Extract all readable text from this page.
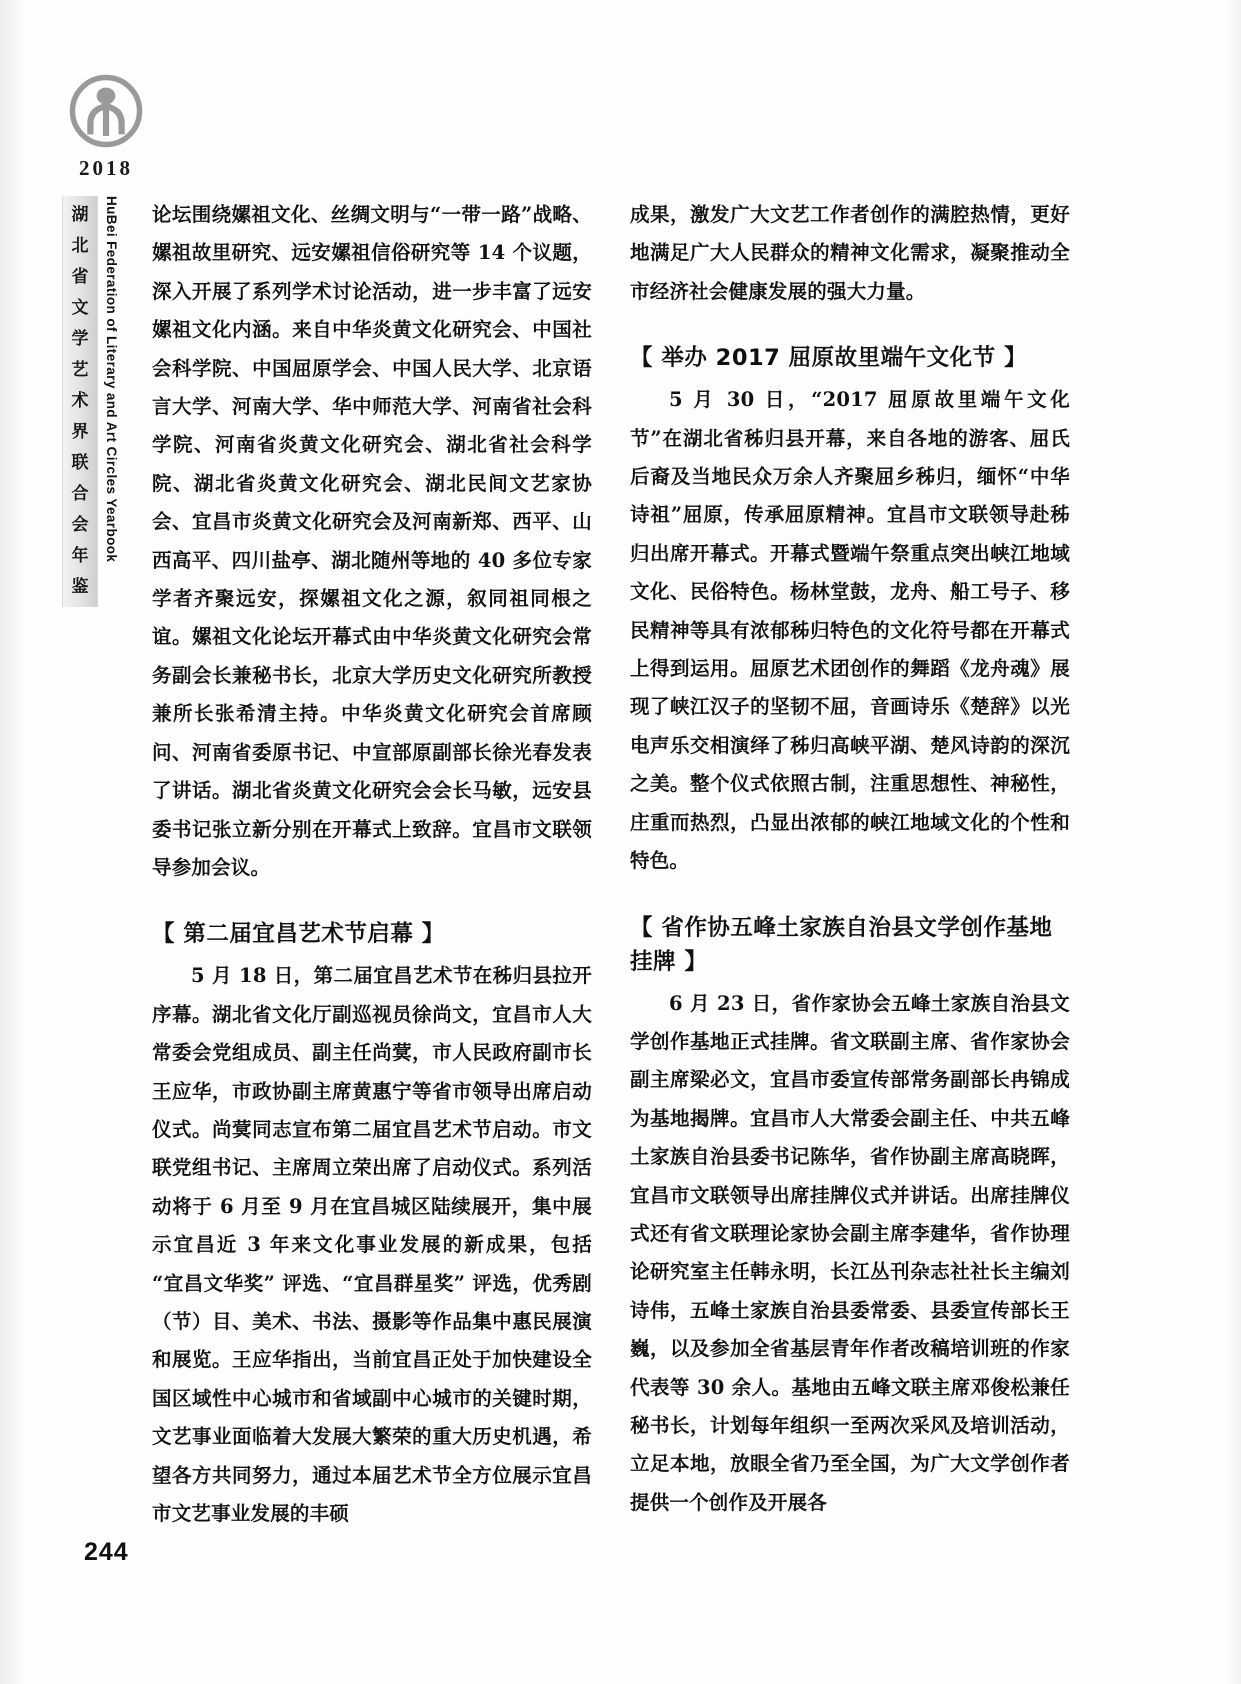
2018
湖
北
省
文
学
艺
术
界
联
合
会
年
鉴
HuBei Federation of Literary and Art Circles Yearbook 论坛围绕嫘祖文化、丝绸文明与“一带一路”战略、嫘祖故里研究、远安嫘祖信俗研究等 14 个议题，深入开展了系列学术讨论活动，进一步丰富了远安嫘祖文化内涵。来自中华炎黄文化研究会、中国社会科学院、中国屈原学会、中国人民大学、北京语言大学、河南大学、华中师范大学、河南省社会科学院、河南省炎黄文化研究会、湖北省社会科学院、湖北省炎黄文化研究会、湖北民间文艺家协会、宜昌市炎黄文化研究会及河南新郑、西平、山西高平、四川盐亭、湖北随州等地的 40 多位专家学者齐聚远安，探嫘祖文化之源，叙同祖同根之谊。嫘祖文化论坛开幕式由中华炎黄文化研究会常务副会长兼秘书长，北京大学历史文化研究所教授兼所长张希清主持。中华炎黄文化研究会首席顾问、河南省委原书记、中宣部原副部长徐光春发表了讲话。湖北省炎黄文化研究会会长马敏，远安县委书记张立新分别在开幕式上致辞。宜昌市文联领导参加会议。

【 第二届宜昌艺术节启幕 】

5 月 18 日，第二届宜昌艺术节在秭归县拉开序幕。湖北省文化厅副巡视员徐尚文，宜昌市人大常委会党组成员、副主任尚蓂，市人民政府副市长王应华，市政协副主席黄惠宁等省市领导出席启动仪式。尚蓂同志宣布第二届宜昌艺术节启动。市文联党组书记、主席周立荣出席了启动仪式。系列活动将于 6 月至 9 月在宜昌城区陆续展开，集中展示宜昌近 3 年来文化事业发展的新成果，包括 “宜昌文华奖” 评选、“宜昌群星奖” 评选，优秀剧（节）目、美术、书法、摄影等作品集中惠民展演和展览。王应华指出，当前宜昌正处于加快建设全国区域性中心城市和省域副中心城市的关键时期，文艺事业面临着大发展大繁荣的重大历史机遇，希望各方共同努力，通过本届艺术节全方位展示宜昌市文艺事业发展的丰硕

成果，激发广大文艺工作者创作的满腔热情，更好地满足广大人民群众的精神文化需求，凝聚推动全市经济社会健康发展的强大力量。

【 举办 2017 屈原故里端午文化节 】

5 月 30 日，“2017 屈原故里端午文化节”在湖北省秭归县开幕，来自各地的游客、屈氏后裔及当地民众万余人齐聚屈乡秭归，缅怀“中华诗祖”屈原，传承屈原精神。宜昌市文联领导赴秭归出席开幕式。开幕式暨端午祭重点突出峡江地域文化、民俗特色。杨林堂鼓，龙舟、船工号子、移民精神等具有浓郁秭归特色的文化符号都在开幕式上得到运用。屈原艺术团创作的舞蹈《龙舟魂》展现了峡江汉子的坚韧不屈，音画诗乐《楚辞》以光电声乐交相演绎了秭归高峡平湖、楚风诗韵的深沉之美。整个仪式依照古制，注重思想性、神秘性，庄重而热烈，凸显出浓郁的峡江地域文化的个性和特色。

【 省作协五峰土家族自治县文学创作基地挂牌 】

6 月 23 日，省作家协会五峰土家族自治县文学创作基地正式挂牌。省文联副主席、省作家协会副主席梁必文，宜昌市委宣传部常务副部长冉锦成为基地揭牌。宜昌市人大常委会副主任、中共五峰土家族自治县委书记陈华，省作协副主席高晓晖，宜昌市文联领导出席挂牌仪式并讲话。出席挂牌仪式还有省文联理论家协会副主席李建华，省作协理论研究室主任韩永明，长江丛刊杂志社社长主编刘诗伟，五峰土家族自治县委常委、县委宣传部长王巍，以及参加全省基层青年作者改稿培训班的作家代表等 30 余人。基地由五峰文联主席邓俊松兼任秘书长，计划每年组织一至两次采风及培训活动，立足本地，放眼全省乃至全国，为广大文学创作者提供一个创作及开展各

244
